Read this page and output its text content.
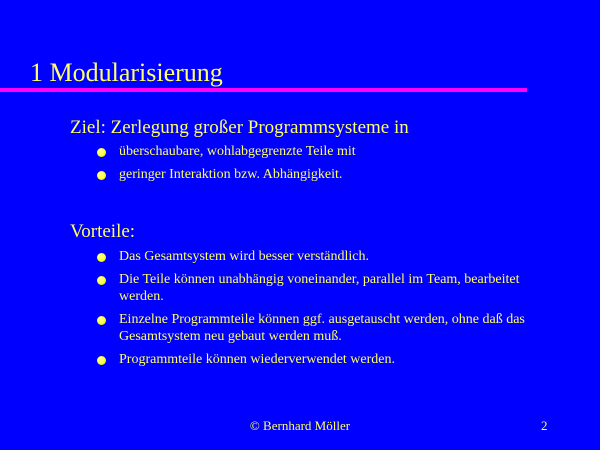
1 Modularisierung
Ziel: Zerlegung großer Programmsysteme in
überschaubare, wohlabgegrenzte Teile mit
geringer Interaktion bzw. Abhängigkeit.
Vorteile:
Das Gesamtsystem wird besser verständlich.
Die Teile können unabhängig voneinander, parallel im Team, bearbeitet werden.
Einzelne Programmteile können ggf. ausgetauscht werden, ohne daß das Gesamtsystem neu gebaut werden muß.
Programmteile können wiederverwendet werden.
© Bernhard Möller	2
